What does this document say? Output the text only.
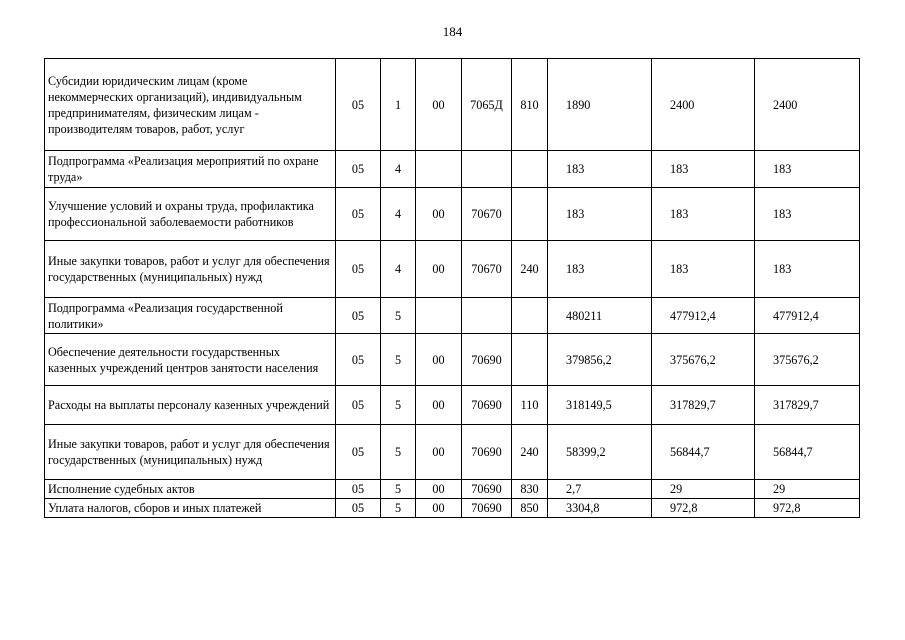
184
Субсидии юридическим лицам (кроме некоммерческих организаций), индивидуальным предпринимателям, физическим лицам - производителям товаров, работ, услуг	05	1	00	7065Д	810	1890	2400	2400
Подпрограмма «Реализация мероприятий по охране труда»	05	4				183	183	183
Улучшение условий и охраны труда, профилактика профессиональной заболеваемости работников	05	4	00	70670		183	183	183
Иные закупки товаров, работ и услуг для обеспечения государственных (муниципальных) нужд	05	4	00	70670	240	183	183	183
Подпрограмма «Реализация государственной политики»	05	5				480211	477912,4	477912,4
Обеспечение деятельности государственных казенных учреждений центров занятости населения	05	5	00	70690		379856,2	375676,2	375676,2
Расходы на выплаты персоналу казенных учреждений	05	5	00	70690	110	318149,5	317829,7	317829,7
Иные закупки товаров, работ и услуг для обеспечения государственных (муниципальных) нужд	05	5	00	70690	240	58399,2	56844,7	56844,7
Исполнение судебных актов	05	5	00	70690	830	2,7	29	29
Уплата налогов, сборов и иных платежей	05	5	00	70690	850	3304,8	972,8	972,8
